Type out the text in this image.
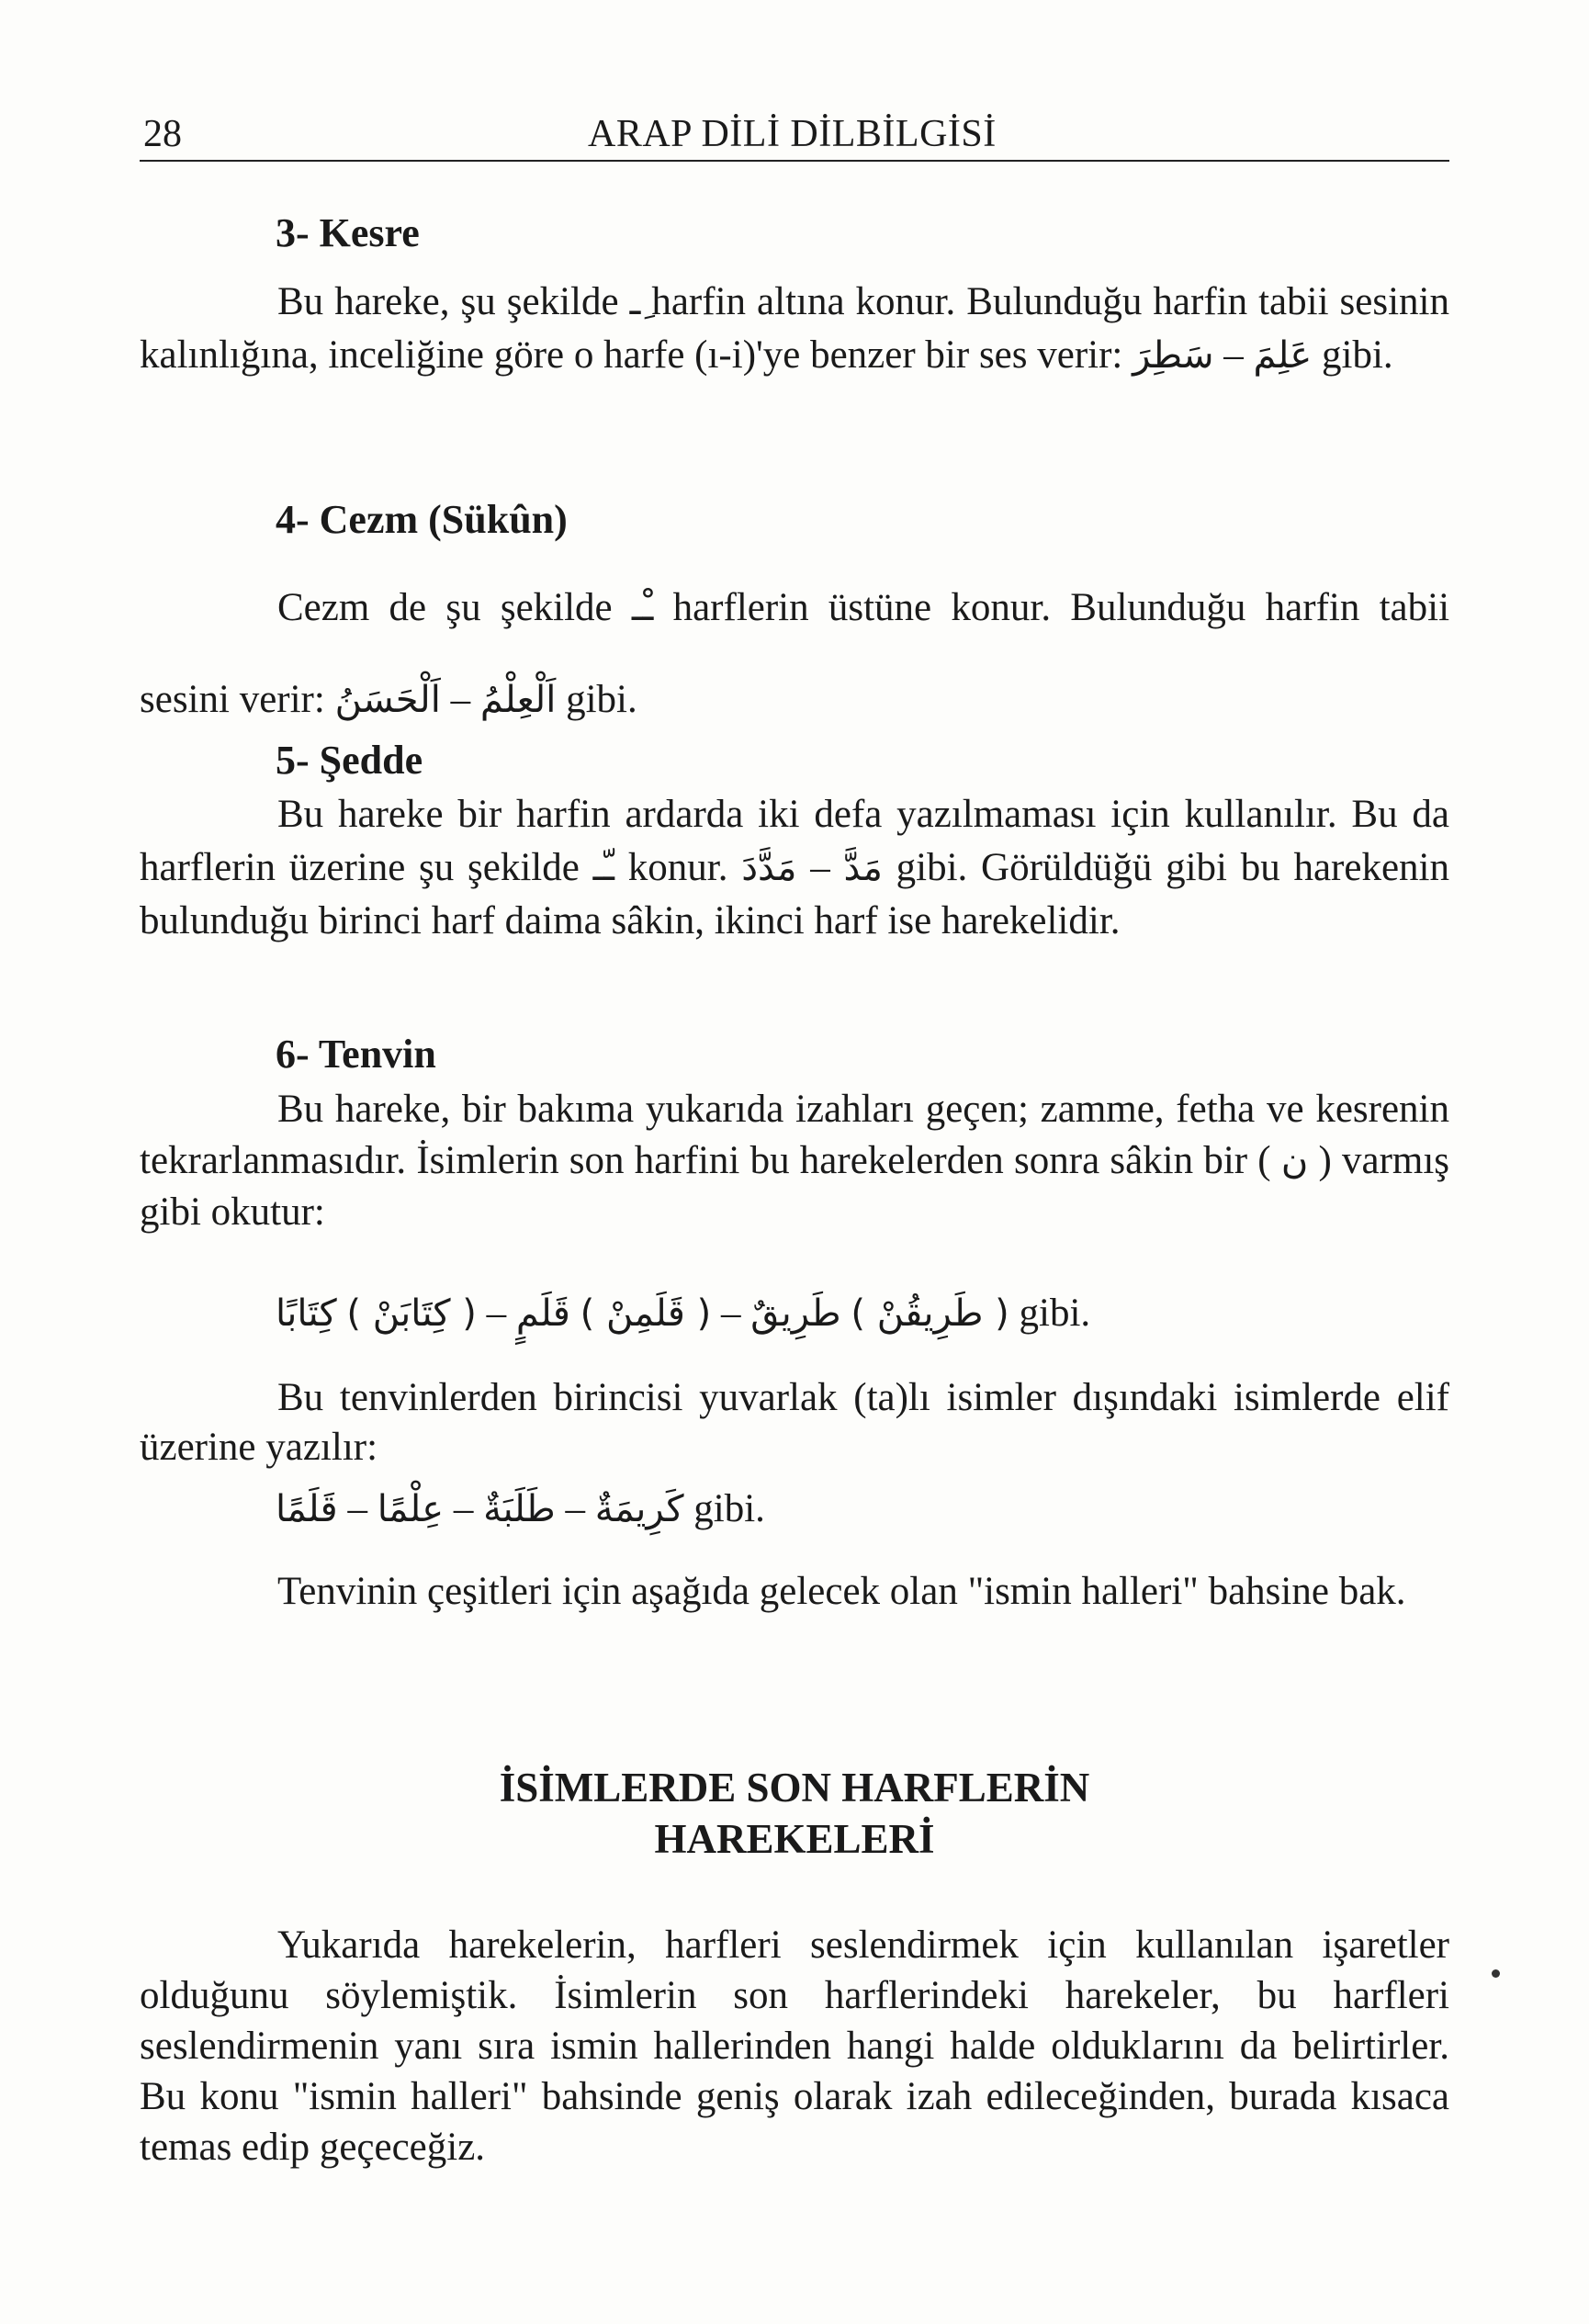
28	ARAP DİLİ DİLBİLGİSİ
3- Kesre
Bu hareke, şu şekilde ِـ harfin altına konur. Bulunduğu harfin tabii sesinin kalınlığına, inceliğine göre o harfe (ı-i)'ye benzer bir ses verir: سَطِرَ – عَلِمَ gibi.
4- Cezm (Sükûn)
Cezm de şu şekilde ـْـ harflerin üstüne konur. Bulunduğu harfin tabii sesini verir: اَلْحَسَنُ – اَلْعِلْمُ gibi.
5- Şedde
Bu hareke bir harfin ardarda iki defa yazılmaması için kullanılır. Bu da harflerin üzerine şu şekilde ـّـ konur. مَدَّدَ – مَدَّ gibi. Görüldüğü gibi bu harekenin bulunduğu birinci harf daima sâkin, ikinci harf ise harekelidir.
6- Tenvin
Bu hareke, bir bakıma yukarıda izahları geçen; zamme, fetha ve kesrenin tekrarlanmasıdır. İsimlerin son harfini bu harekelerden sonra sâkin bir ( ن ) varmış gibi okutur:
كِتَابًا ( كِتَابَنْ ) – قَلَمٍ ( قَلَمِنْ ) – طَرِيقٌ ( طَرِيقُنْ ) gibi.
Bu tenvinlerden birincisi yuvarlak (ta)lı isimler dışındaki isimlerde elif üzerine yazılır:
قَلَمًا – عِلْمًا – طَلَبَةٌ – كَرِيمَةٌ gibi.
Tenvinin çeşitleri için aşağıda gelecek olan "ismin halleri" bahsine bak.
İSİMLERDE SON HARFLERİN
HAREKELERİ
Yukarıda harekelerin, harfleri seslendirmek için kullanılan işaretler olduğunu söylemiştik. İsimlerin son harflerindeki harekeler, bu harfleri seslendirmenin yanı sıra ismin hallerinden hangi halde olduklarını da belirtirler. Bu konu "ismin halleri" bahsinde geniş olarak izah edileceğinden, burada kısaca temas edip geçeceğiz.
